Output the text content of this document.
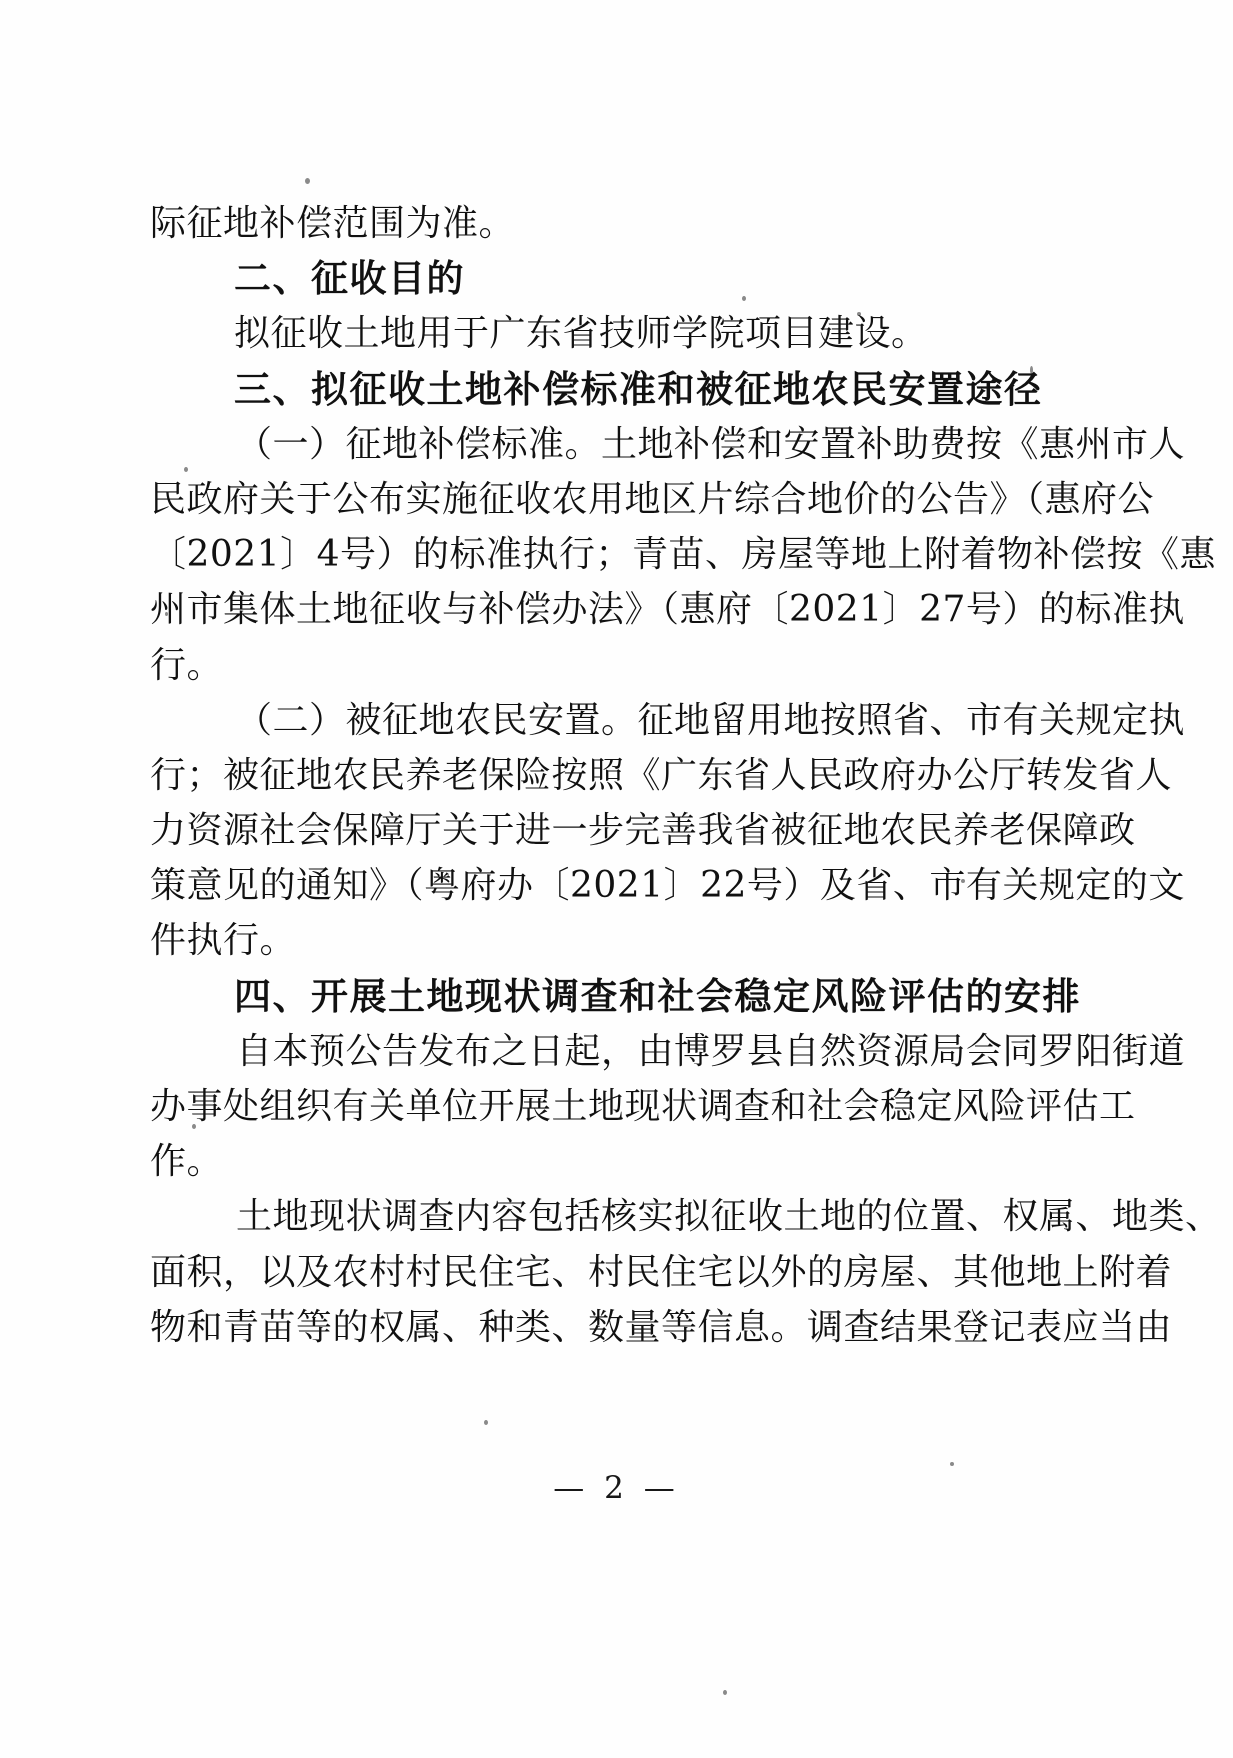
际征地补偿范围为准。
二、征收目的
拟征收土地用于广东省技师学院项目建设。
三、拟征收土地补偿标准和被征地农民安置途径
（一）征地补偿标准。土地补偿和安置补助费按《惠州市人
民政府关于公布实施征收农用地区片综合地价的公告》（惠府公
〔2021〕4号）的标准执行；青苗、房屋等地上附着物补偿按《惠
州市集体土地征收与补偿办法》（惠府〔2021〕27号）的标准执
行。
（二）被征地农民安置。征地留用地按照省、市有关规定执
行；被征地农民养老保险按照《广东省人民政府办公厅转发省人
力资源社会保障厅关于进一步完善我省被征地农民养老保障政
策意见的通知》（粤府办〔2021〕22号）及省、市有关规定的文
件执行。
四、开展土地现状调查和社会稳定风险评估的安排
自本预公告发布之日起，由博罗县自然资源局会同罗阳街道
办事处组织有关单位开展土地现状调查和社会稳定风险评估工
作。
土地现状调查内容包括核实拟征收土地的位置、权属、地类、
面积，以及农村村民住宅、村民住宅以外的房屋、其他地上附着
物和青苗等的权属、种类、数量等信息。调查结果登记表应当由
— 2 —
